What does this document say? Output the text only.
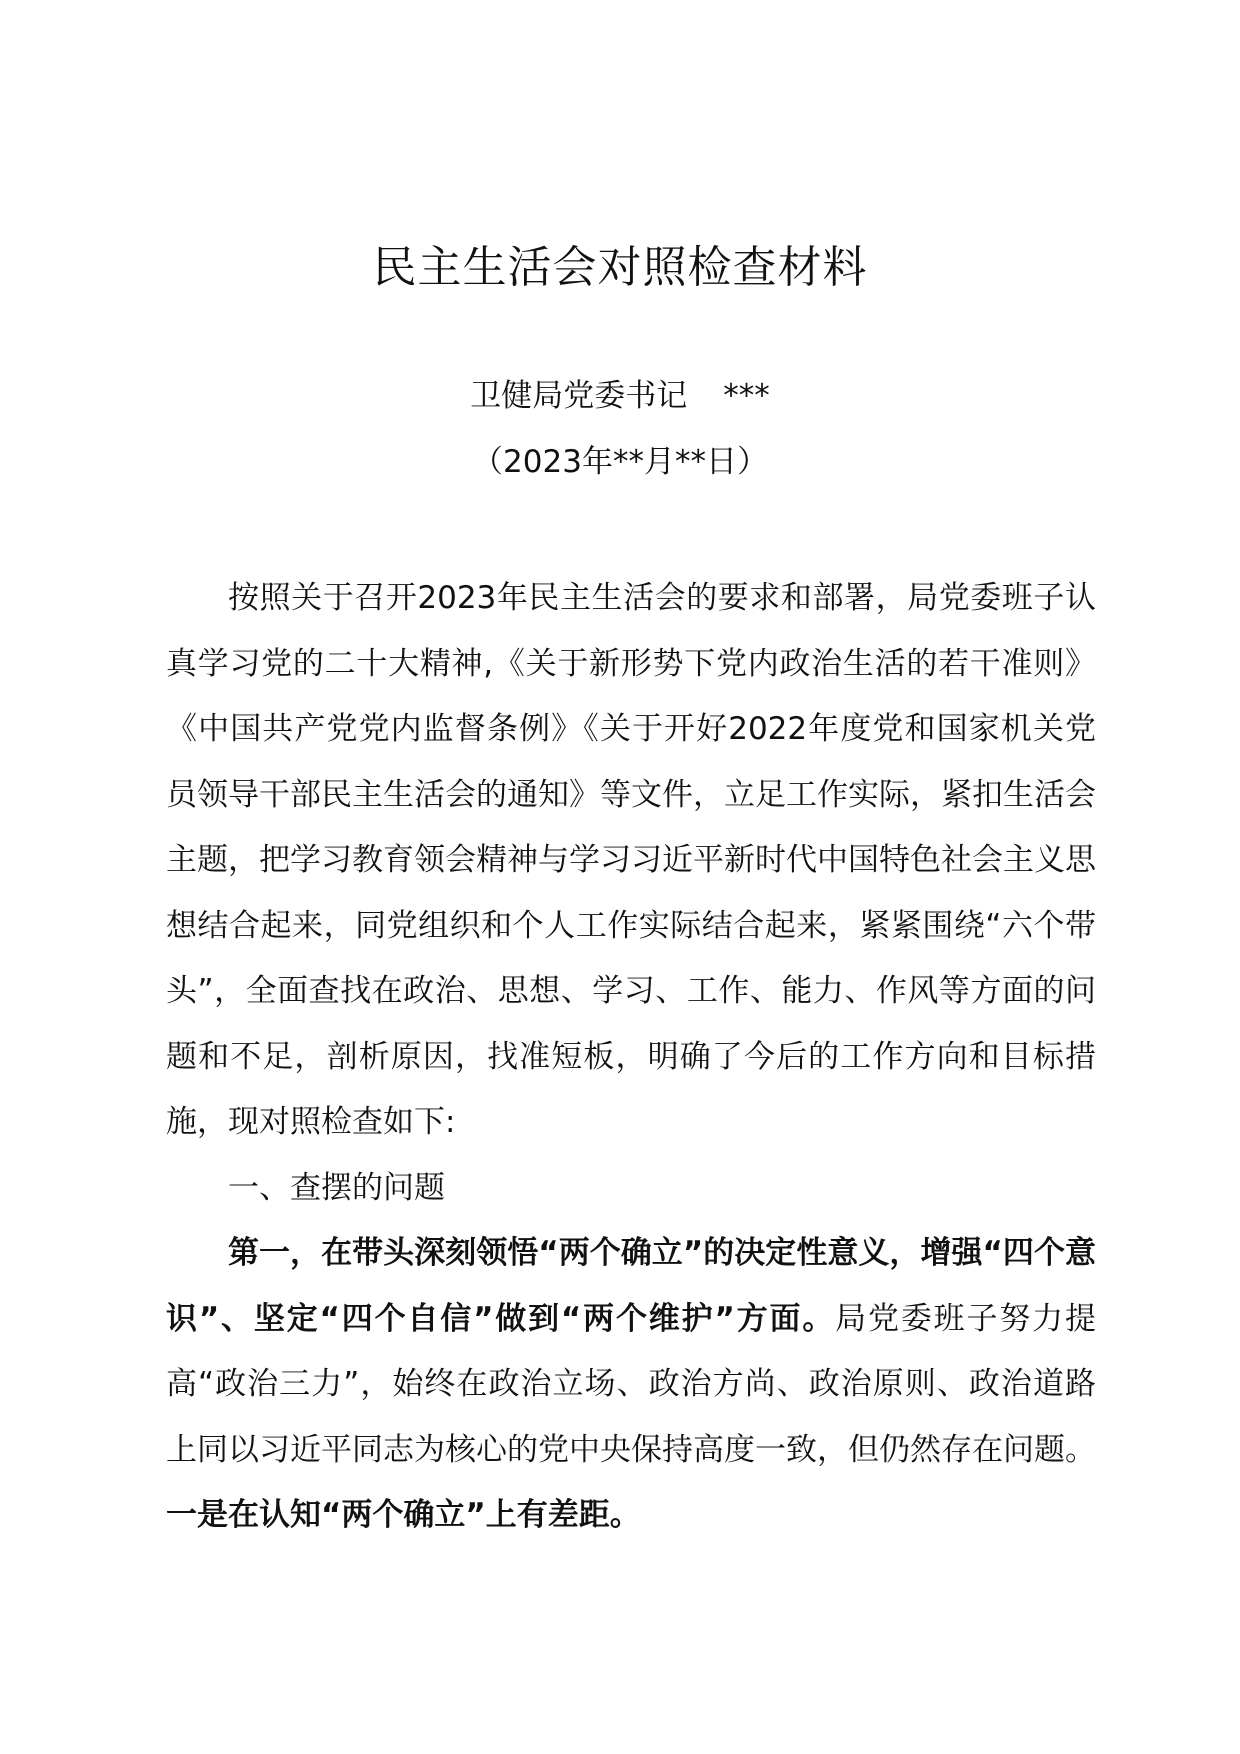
民主生活会对照检查材料
卫健局党委书记 ***
（2023年**月**日）

按照关于召开2023年民主生活会的要求和部署，局党委班子认真学习党的二十大精神,《关于新形势下党内政治生活的若干准则》《中国共产党党内监督条例》《关于开好2022年度党和国家机关党员领导干部民主生活会的通知》等文件，立足工作实际，紧扣生活会主题，把学习教育领会精神与学习习近平新时代中国特色社会主义思想结合起来，同党组织和个人工作实际结合起来，紧紧围绕“六个带头”，全面查找在政治、思想、学习、工作、能力、作风等方面的问题和不足，剖析原因，找准短板，明确了今后的工作方向和目标措施，现对照检查如下:

一、查摆的问题

第一，在带头深刻领悟“两个确立”的决定性意义，增强“四个意识”、坚定“四个自信”做到“两个维护”方面。局党委班子努力提高“政治三力”，始终在政治立场、政治方尚、政治原则、政治道路上同以习近平同志为核心的党中央保持高度一致，但仍然存在问题。一是在认知“两个确立”上有差距。
